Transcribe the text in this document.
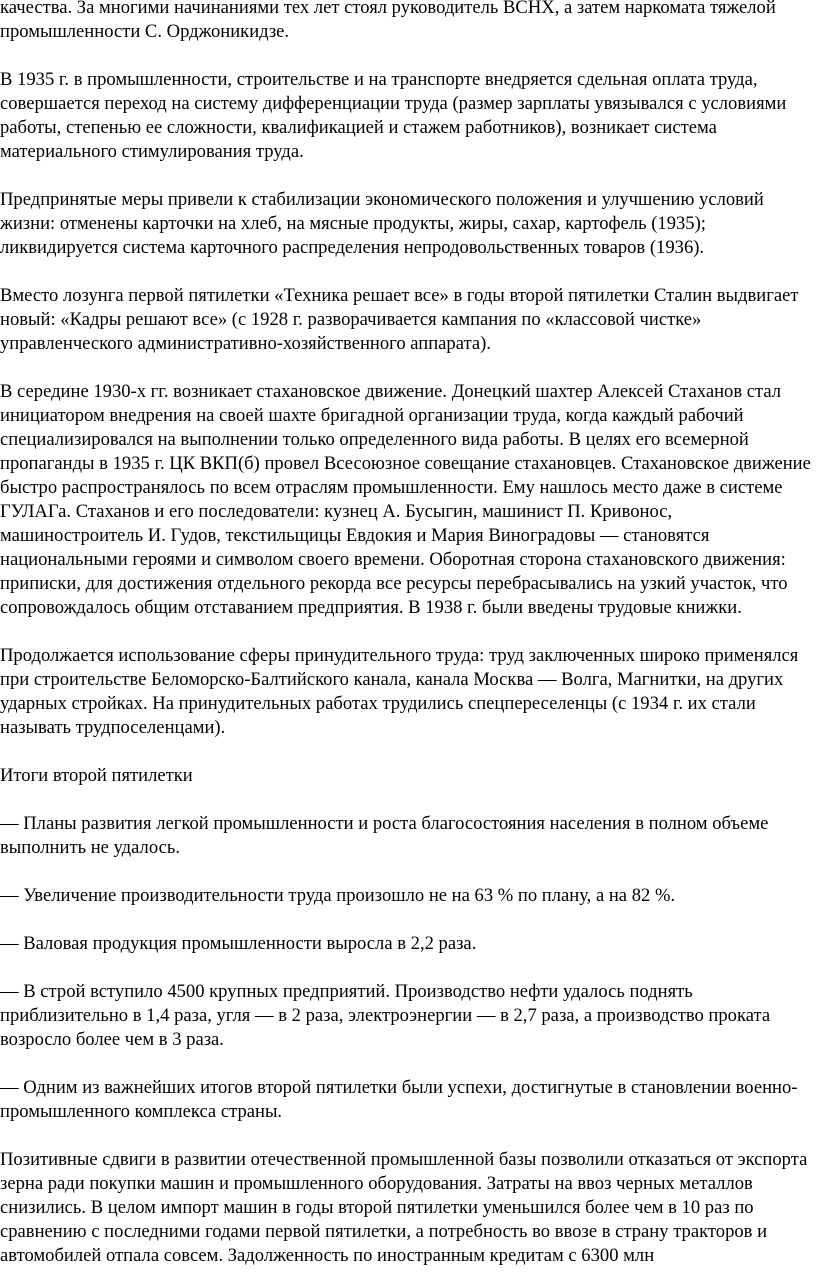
качества. За многими начинаниями тех лет стоял руководитель ВСНХ, а затем наркомата тяжелой промышленности С. Орджоникидзе.

В 1935 г. в промышленности, строительстве и на транспорте внедряется сдельная оплата труда, совершается переход на систему дифференциации труда (размер зарплаты увязывался с условиями работы, степенью ее сложности, квалификацией и стажем работников), возникает система материального стимулирования труда.

Предпринятые меры привели к стабилизации экономического положения и улучшению условий жизни: отменены карточки на хлеб, на мясные продукты, жиры, сахар, картофель (1935); ликвидируется система карточного распределения непродовольственных товаров (1936).

Вместо лозунга первой пятилетки «Техника решает все» в годы второй пятилетки Сталин выдвигает новый: «Кадры решают все» (с 1928 г. разворачивается кампания по «классовой чистке» управленческого административно-хозяйственного аппарата).

В середине 1930-х гг. возникает стахановское движение. Донецкий шахтер Алексей Стаханов стал инициатором внедрения на своей шахте бригадной организации труда, когда каждый рабочий специализировался на выполнении только определенного вида работы. В целях его всемерной пропаганды в 1935 г. ЦК ВКП(б) провел Всесоюзное совещание стахановцев. Стахановское движение быстро распространялось по всем отраслям промышленности. Ему нашлось место даже в системе ГУЛАГа. Стаханов и его последователи: кузнец А. Бусыгин, машинист П. Кривонос, машиностроитель И. Гудов, текстильщицы Евдокия и Мария Виноградовы — становятся национальными героями и символом своего времени. Оборотная сторона стахановского движения: приписки, для достижения отдельного рекорда все ресурсы перебрасывались на узкий участок, что сопровождалось общим отставанием предприятия. В 1938 г. были введены трудовые книжки.

Продолжается использование сферы принудительного труда: труд заключенных широко применялся при строительстве Беломорско-Балтийского канала, канала Москва — Волга, Магнитки, на других ударных стройках. На принудительных работах трудились спецпереселенцы (с 1934 г. их стали называть трудпоселенцами).

Итоги второй пятилетки

— Планы развития легкой промышленности и роста благосостояния населения в полном объеме выполнить не удалось.

— Увеличение производительности труда произошло не на 63 % по плану, а на 82 %.

— Валовая продукция промышленности выросла в 2,2 раза.

— В строй вступило 4500 крупных предприятий. Производство нефти удалось поднять приблизительно в 1,4 раза, угля — в 2 раза, электроэнергии — в 2,7 раза, а производство проката возросло более чем в 3 раза.

— Одним из важнейших итогов второй пятилетки были успехи, достигнутые в становлении военно-промышленного комплекса страны.

Позитивные сдвиги в развитии отечественной промышленной базы позволили отказаться от экспорта зерна ради покупки машин и промышленного оборудования. Затраты на ввоз черных металлов снизились. В целом импорт машин в годы второй пятилетки уменьшился более чем в 10 раз по сравнению с последними годами первой пятилетки, а потребность во ввозе в страну тракторов и автомобилей отпала совсем. Задолженность по иностранным кредитам с 6300 млн
